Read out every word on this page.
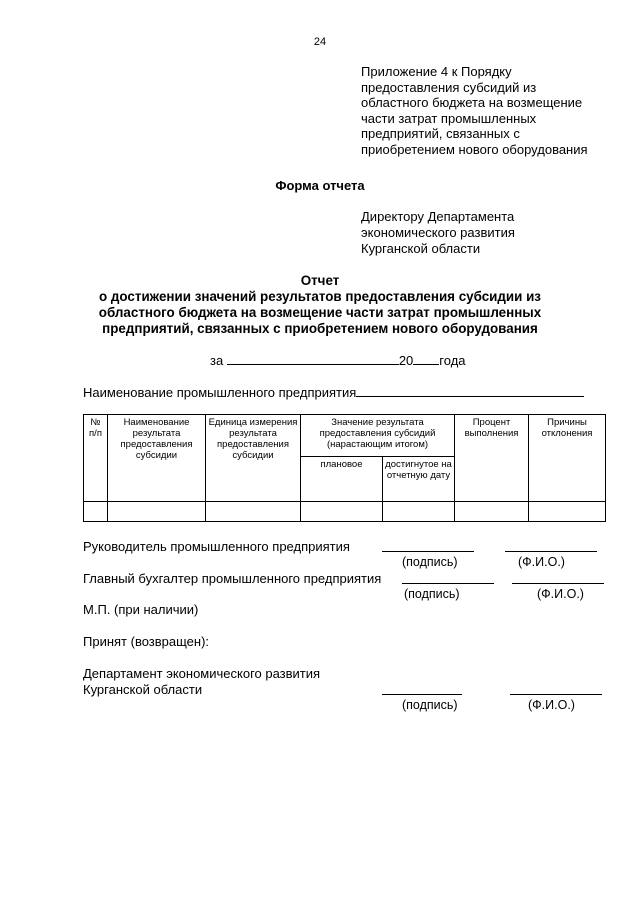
24
Приложение 4 к Порядку
предоставления субсидий из
областного бюджета на возмещение
части затрат промышленных
предприятий, связанных с
приобретением нового оборудования
Форма отчета
Директору Департамента
экономического развития
Курганской области
Отчет
о достижении значений результатов предоставления субсидии из
областного бюджета на возмещение части затрат промышленных
предприятий, связанных с приобретением нового оборудования
за	20 года
Наименование промышленного предприятия
№ п/п	Наименование результата предоставления субсидии	Единица измерения результата предоставления субсидии	Значение результата предоставления субсидий (нарастающим итогом)		Процент выполнения	Причины отклонения
			плановое	достигнутое на отчетную дату		

Руководитель промышленного предприятия
(подпись)	(Ф.И.О.)
Главный бухгалтер промышленного предприятия
(подпись)	(Ф.И.О.)
М.П. (при наличии)
Принят (возвращен):
Департамент экономического развития
Курганской области
(подпись)	(Ф.И.О.)
